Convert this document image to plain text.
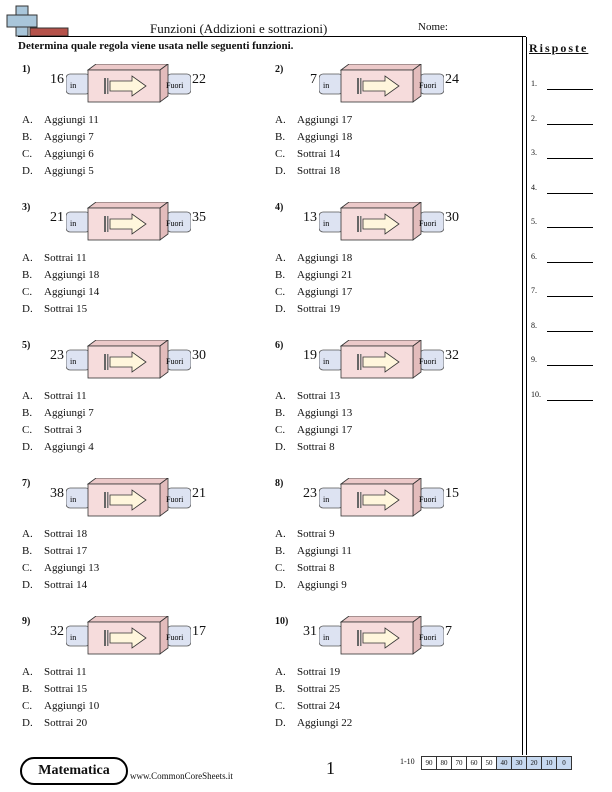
Funzioni (Addizioni e sottrazioni)	Nome:
Determina quale regola viene usata nelle seguenti funzioni.	Risposte
1.
2.
3.
4.
5.
6.
7.
8.
9.
10.
1)
16 in	Fuori 22
A. Aggiungi 11
B. Aggiungi 7
C. Aggiungi 6
D. Aggiungi 5
2)
7 in	Fuori 24
A. Aggiungi 17
B. Aggiungi 18
C. Sottrai 14
D. Sottrai 18
3)
21 in	Fuori 35
A. Sottrai 11
B. Aggiungi 18
C. Aggiungi 14
D. Sottrai 15
4)
13 in	Fuori 30
A. Aggiungi 18
B. Aggiungi 21
C. Aggiungi 17
D. Sottrai 19
5)
23 in	Fuori 30
A. Sottrai 11
B. Aggiungi 7
C. Sottrai 3
D. Aggiungi 4
6)
19 in	Fuori 32
A. Sottrai 13
B. Aggiungi 13
C. Aggiungi 17
D. Sottrai 8
7)
38 in	Fuori 21
A. Sottrai 18
B. Sottrai 17
C. Aggiungi 13
D. Sottrai 14
8)
23 in	Fuori 15
A. Sottrai 9
B. Aggiungi 11
C. Sottrai 8
D. Aggiungi 9
9)
32 in	Fuori 17
A. Sottrai 11
B. Sottrai 15
C. Aggiungi 10
D. Sottrai 20
10)
31 in	Fuori 7
A. Sottrai 19
B. Sottrai 25
C. Sottrai 24
D. Aggiungi 22
Matematica	www.CommonCoreSheets.it	1	1-10	90	80	70	60	50	40	30	20	10	0
